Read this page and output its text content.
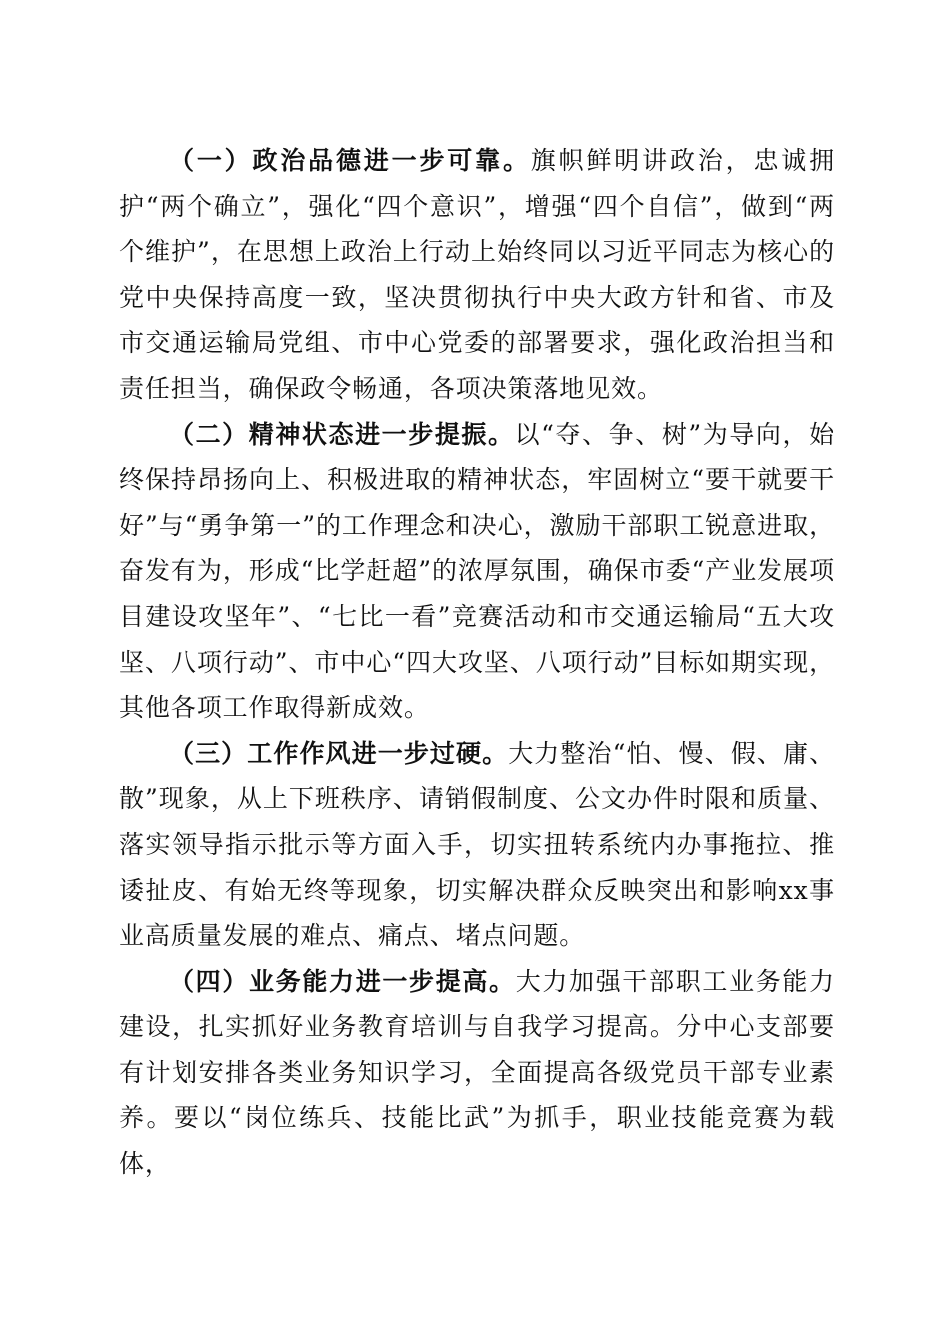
（一）政治品德进一步可靠。旗帜鲜明讲政治，忠诚拥护“两个确立”，强化“四个意识”，增强“四个自信”，做到“两个维护”，在思想上政治上行动上始终同以习近平同志为核心的党中央保持高度一致，坚决贯彻执行中央大政方针和省、市及市交通运输局党组、市中心党委的部署要求，强化政治担当和责任担当，确保政令畅通，各项决策落地见效。

（二）精神状态进一步提振。以“夺、争、树”为导向，始终保持昂扬向上、积极进取的精神状态，牢固树立“要干就要干好”与“勇争第一”的工作理念和决心，激励干部职工锐意进取，奋发有为，形成“比学赶超”的浓厚氛围，确保市委“产业发展项目建设攻坚年”、“七比一看”竞赛活动和市交通运输局“五大攻坚、八项行动”、市中心“四大攻坚、八项行动”目标如期实现，其他各项工作取得新成效。

（三）工作作风进一步过硬。大力整治“怕、慢、假、庸、散”现象，从上下班秩序、请销假制度、公文办件时限和质量、落实领导指示批示等方面入手，切实扭转系统内办事拖拉、推诿扯皮、有始无终等现象，切实解决群众反映突出和影响xx事业高质量发展的难点、痛点、堵点问题。

（四）业务能力进一步提高。大力加强干部职工业务能力建设，扎实抓好业务教育培训与自我学习提高。分中心支部要有计划安排各类业务知识学习，全面提高各级党员干部专业素养。要以“岗位练兵、技能比武”为抓手，职业技能竞赛为载体，
